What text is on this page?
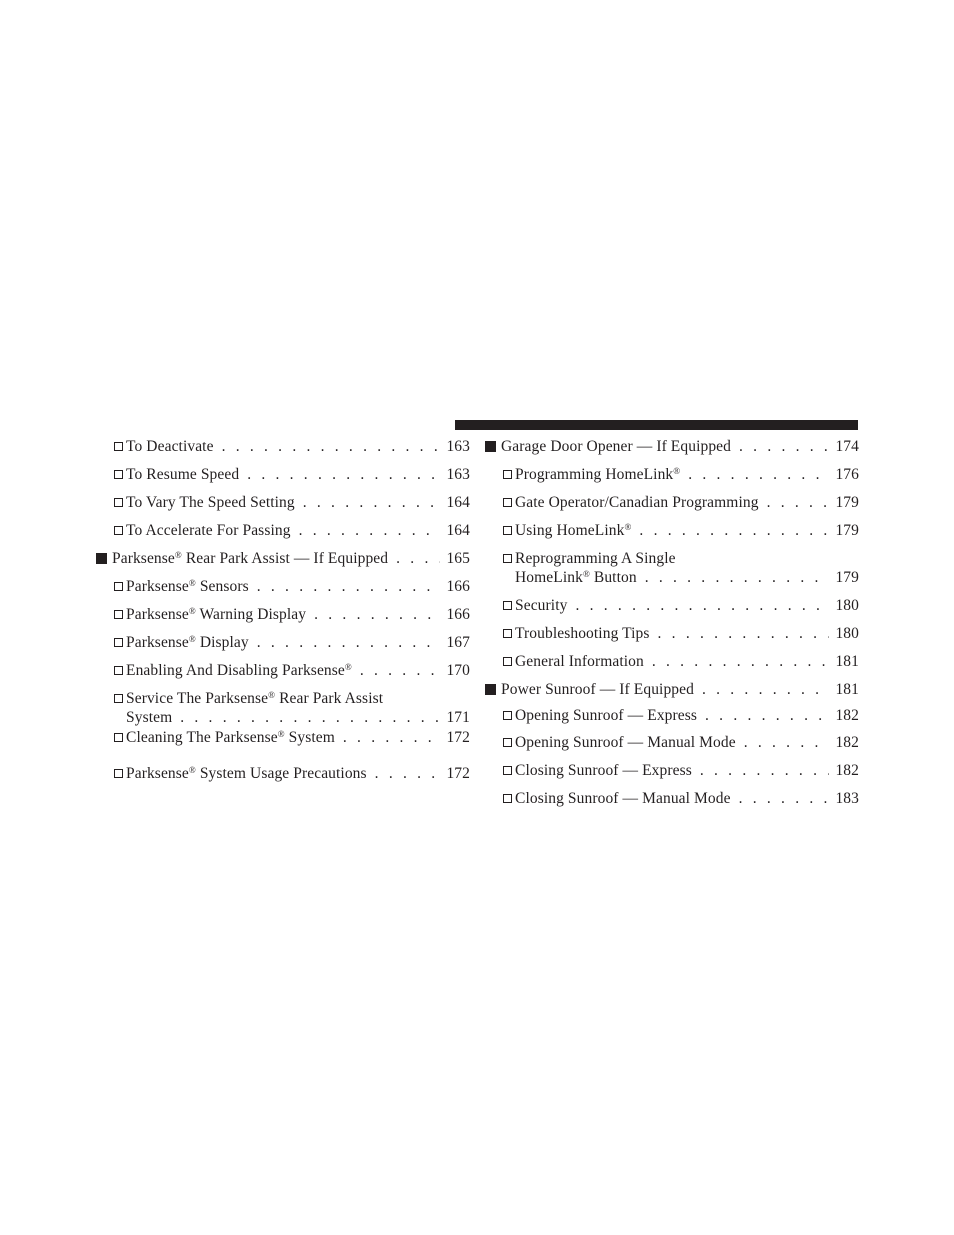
To Deactivate . . .	163
To Resume Speed . . .	163
To Vary The Speed Setting . . .	164
To Accelerate For Passing . . .	164
Parksense® Rear Park Assist — If Equipped . . .	165
Parksense® Sensors . . .	166
Parksense® Warning Display . . .	166
Parksense® Display . . .	167
Enabling And Disabling Parksense® . . .	170
Service The Parksense® Rear Park Assist
System . . .	171
Cleaning The Parksense® System . . .	172
Parksense® System Usage Precautions . . .	172
Garage Door Opener — If Equipped . . .	174
Programming HomeLink® . . .	176
Gate Operator/Canadian Programming . . .	179
Using HomeLink® . . .	179
Reprogramming A Single
HomeLink® Button . . .	179
Security . . .	180
Troubleshooting Tips . . .	180
General Information . . .	181
Power Sunroof — If Equipped . . .	181
Opening Sunroof — Express . . .	182
Opening Sunroof — Manual Mode . . .	182
Closing Sunroof — Express . . .	182
Closing Sunroof — Manual Mode . . .	183
